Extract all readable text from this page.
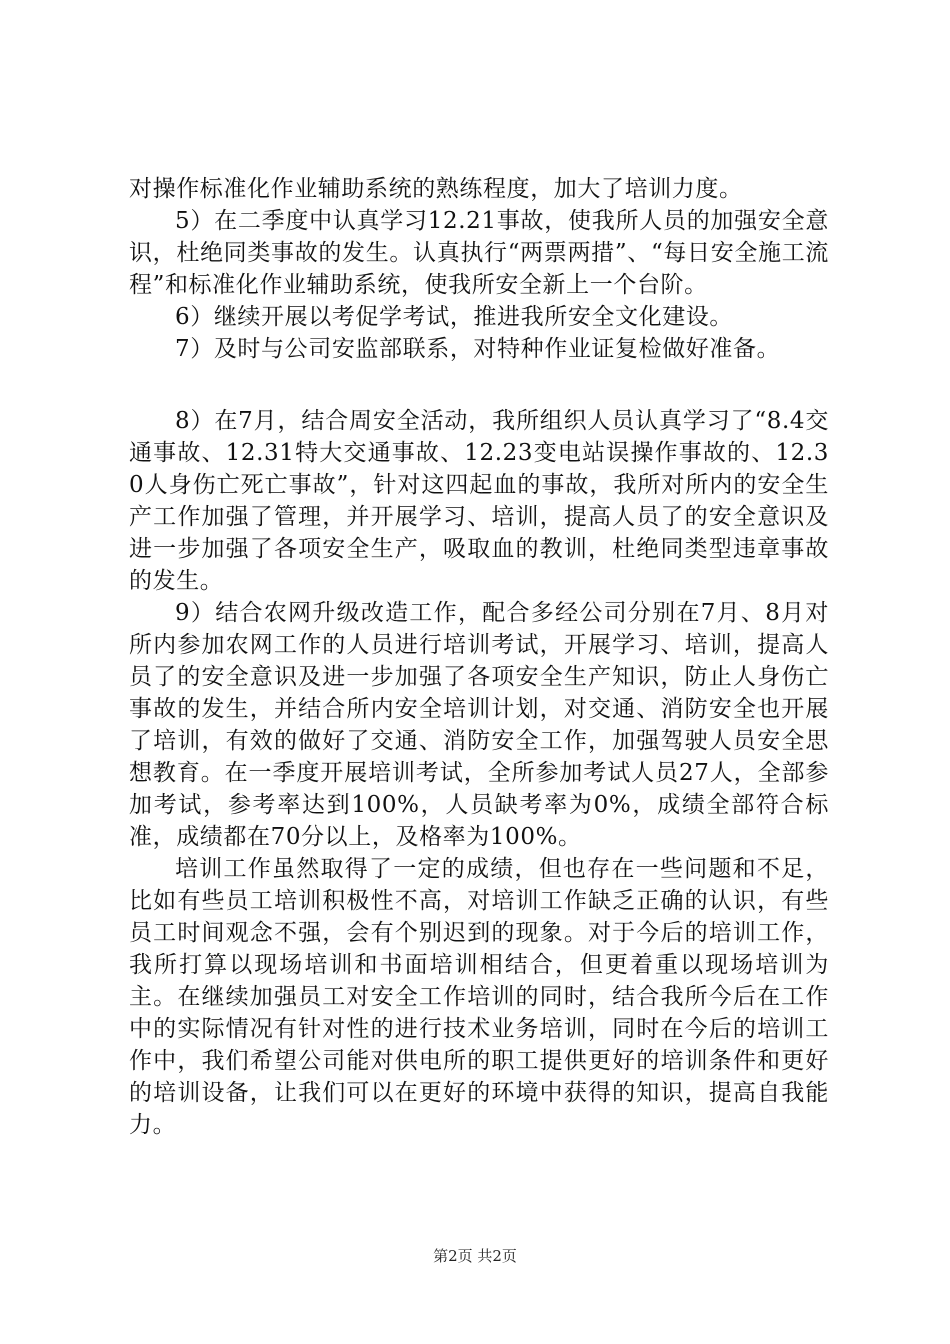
对操作标准化作业辅助系统的熟练程度，加大了培训力度。

5）在二季度中认真学习12.21事故，使我所人员的加强安全意识，杜绝同类事故的发生。认真执行“两票两措”、“每日安全施工流程”和标准化作业辅助系统，使我所安全新上一个台阶。

6）继续开展以考促学考试，推进我所安全文化建设。

7）及时与公司安监部联系，对特种作业证复检做好准备。

8）在7月，结合周安全活动，我所组织人员认真学习了“8.4交通事故、12.31特大交通事故、12.23变电站误操作事故的、12.30人身伤亡死亡事故”，针对这四起血的事故，我所对所内的安全生产工作加强了管理，并开展学习、培训，提高人员了的安全意识及进一步加强了各项安全生产，吸取血的教训，杜绝同类型违章事故的发生。

9）结合农网升级改造工作，配合多经公司分别在7月、8月对所内参加农网工作的人员进行培训考试，开展学习、培训，提高人员了的安全意识及进一步加强了各项安全生产知识，防止人身伤亡事故的发生，并结合所内安全培训计划，对交通、消防安全也开展了培训，有效的做好了交通、消防安全工作，加强驾驶人员安全思想教育。在一季度开展培训考试，全所参加考试人员27人，全部参加考试，参考率达到100%，人员缺考率为0%，成绩全部符合标准，成绩都在70分以上，及格率为100%。

培训工作虽然取得了一定的成绩，但也存在一些问题和不足，比如有些员工培训积极性不高，对培训工作缺乏正确的认识，有些员工时间观念不强，会有个别迟到的现象。对于今后的培训工作，我所打算以现场培训和书面培训相结合，但更着重以现场培训为主。在继续加强员工对安全工作培训的同时，结合我所今后在工作中的实际情况有针对性的进行技术业务培训，同时在今后的培训工作中，我们希望公司能对供电所的职工提供更好的培训条件和更好的培训设备，让我们可以在更好的环境中获得的知识，提高自我能力。

第2页 共2页
